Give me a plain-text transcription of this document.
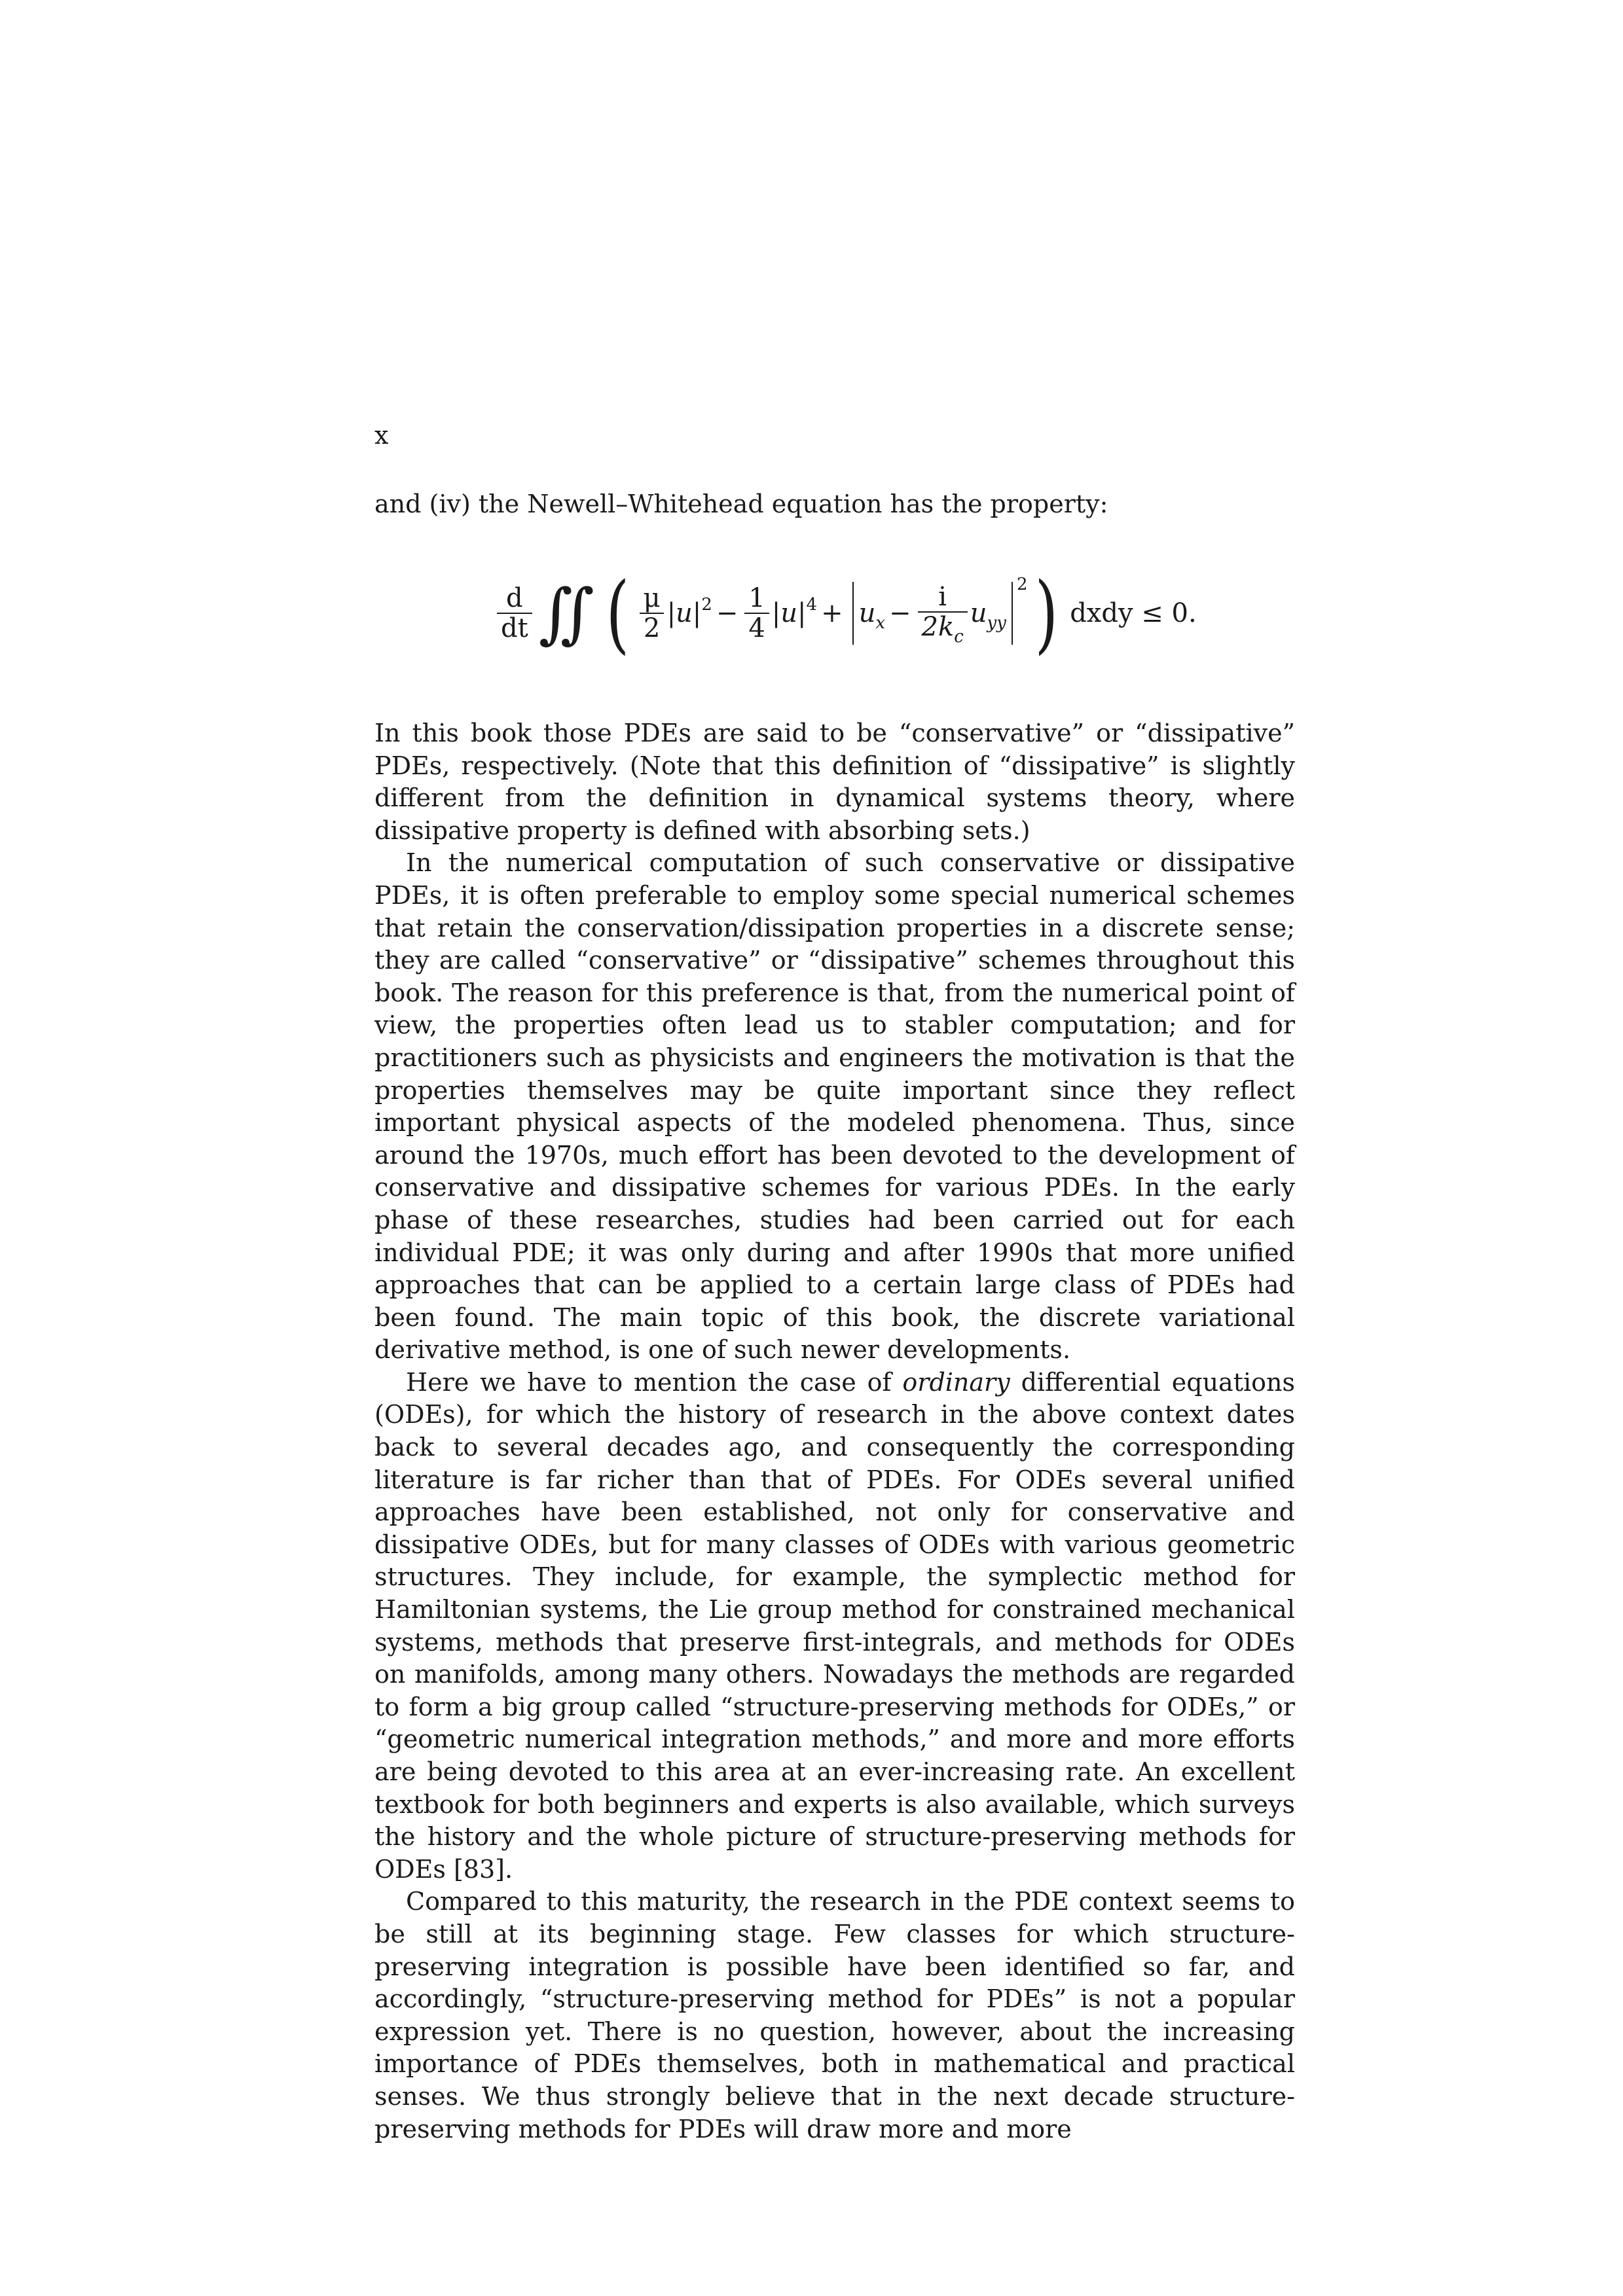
x

and (iv) the Newell–Whitehead equation has the property:

$\frac{d}{dt}$ ∬ ( $\frac{\mu}{2} |u|^2 - \frac{1}{4} |u|^4 + u_x - \frac{i}{2k_c} u_{yy}$
2 ) dxdy ≤ 0.

In this book those PDEs are said to be “conservative” or “dissipative” PDEs, respectively. (Note that this definition of “dissipative” is slightly different from the definition in dynamical systems theory, where dissipative property is defined with absorbing sets.)

In the numerical computation of such conservative or dissipative PDEs, it is often preferable to employ some special numerical schemes that retain the conservation/dissipation properties in a discrete sense; they are called “conservative” or “dissipative” schemes throughout this book. The reason for this preference is that, from the numerical point of view, the properties often lead us to stabler computation; and for practitioners such as physicists and engineers the motivation is that the properties themselves may be quite important since they reflect important physical aspects of the modeled phenomena. Thus, since around the 1970s, much effort has been devoted to the development of conservative and dissipative schemes for various PDEs. In the early phase of these researches, studies had been carried out for each individual PDE; it was only during and after 1990s that more unified approaches that can be applied to a certain large class of PDEs had been found. The main topic of this book, the discrete variational derivative method, is one of such newer developments.

Here we have to mention the case of ordinary differential equations (ODEs), for which the history of research in the above context dates back to several decades ago, and consequently the corresponding literature is far richer than that of PDEs. For ODEs several unified approaches have been established, not only for conservative and dissipative ODEs, but for many classes of ODEs with various geometric structures. They include, for example, the symplectic method for Hamiltonian systems, the Lie group method for constrained mechanical systems, methods that preserve first-integrals, and methods for ODEs on manifolds, among many others. Nowadays the methods are regarded to form a big group called “structure-preserving methods for ODEs,” or “geometric numerical integration methods,” and more and more efforts are being devoted to this area at an ever-increasing rate. An excellent textbook for both beginners and experts is also available, which surveys the history and the whole picture of structure-preserving methods for ODEs [83].

Compared to this maturity, the research in the PDE context seems to be still at its beginning stage. Few classes for which structure-preserving integration is possible have been identified so far, and accordingly, “structure-preserving method for PDEs” is not a popular expression yet. There is no question, however, about the increasing importance of PDEs themselves, both in mathematical and practical senses. We thus strongly believe that in the next decade structure-preserving methods for PDEs will draw more and more
